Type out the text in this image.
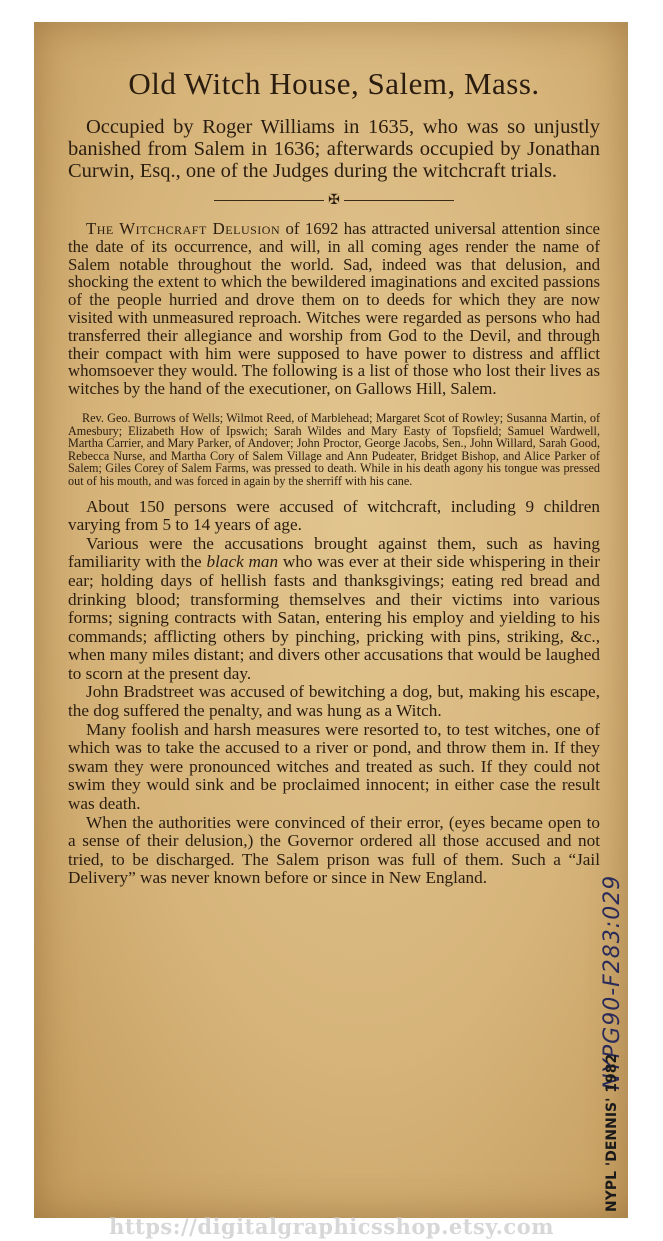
Old Witch House, Salem, Mass.

Occupied by Roger Williams in 1635, who was so unjustly banished from Salem in 1636; afterwards occupied by Jonathan Curwin, Esq., one of the Judges during the witchcraft trials.

✠

The Witchcraft Delusion of 1692 has attracted universal attention since the date of its occurrence, and will, in all coming ages render the name of Salem notable throughout the world. Sad, indeed was that delusion, and shocking the extent to which the bewildered imaginations and excited passions of the people hurried and drove them on to deeds for which they are now visited with unmeasured reproach. Witches were regarded as persons who had transferred their allegiance and worship from God to the Devil, and through their compact with him were supposed to have power to distress and afflict whomsoever they would. The following is a list of those who lost their lives as witches by the hand of the executioner, on Gallows Hill, Salem.

Rev. Geo. Burrows of Wells; Wilmot Reed, of Marblehead; Margaret Scot of Rowley; Susanna Martin, of Amesbury; Elizabeth How of Ipswich; Sarah Wildes and Mary Easty of Topsfield; Samuel Wardwell, Martha Carrier, and Mary Parker, of Andover; John Proctor, George Jacobs, Sen., John Willard, Sarah Good, Rebecca Nurse, and Martha Cory of Salem Village and Ann Pudeater, Bridget Bishop, and Alice Parker of Salem; Giles Corey of Salem Farms, was pressed to death. While in his death agony his tongue was pressed out of his mouth, and was forced in again by the sherriff with his cane.

About 150 persons were accused of witchcraft, including 9 children varying from 5 to 14 years of age.

Various were the accusations brought against them, such as having familiarity with the black man who was ever at their side whispering in their ear; holding days of hellish fasts and thanksgivings; eating red bread and drinking blood; transforming themselves and their victims into various forms; signing contracts with Satan, entering his employ and yielding to his commands; afflicting others by pinching, pricking with pins, striking, &c., when many miles distant; and divers other accusations that would be laughed to scorn at the present day.

John Bradstreet was accused of bewitching a dog, but, making his escape, the dog suffered the penalty, and was hung as a Witch.

Many foolish and harsh measures were resorted to, to test witches, one of which was to take the accused to a river or pond, and throw them in. If they swam they were pronounced witches and treated as such. If they could not swim they would sink and be proclaimed innocent; in either case the result was death.

When the authorities were convinced of their error, (eyes became open to a sense of their delusion,) the Governor ordered all those accused and not tried, to be discharged. The Salem prison was full of them. Such a “Jail Delivery” was never known before or since in New England.	NYPG90-F283:029
NYPL 'DENNIS' 1982
https://digitalgraphicsshop.etsy.com
